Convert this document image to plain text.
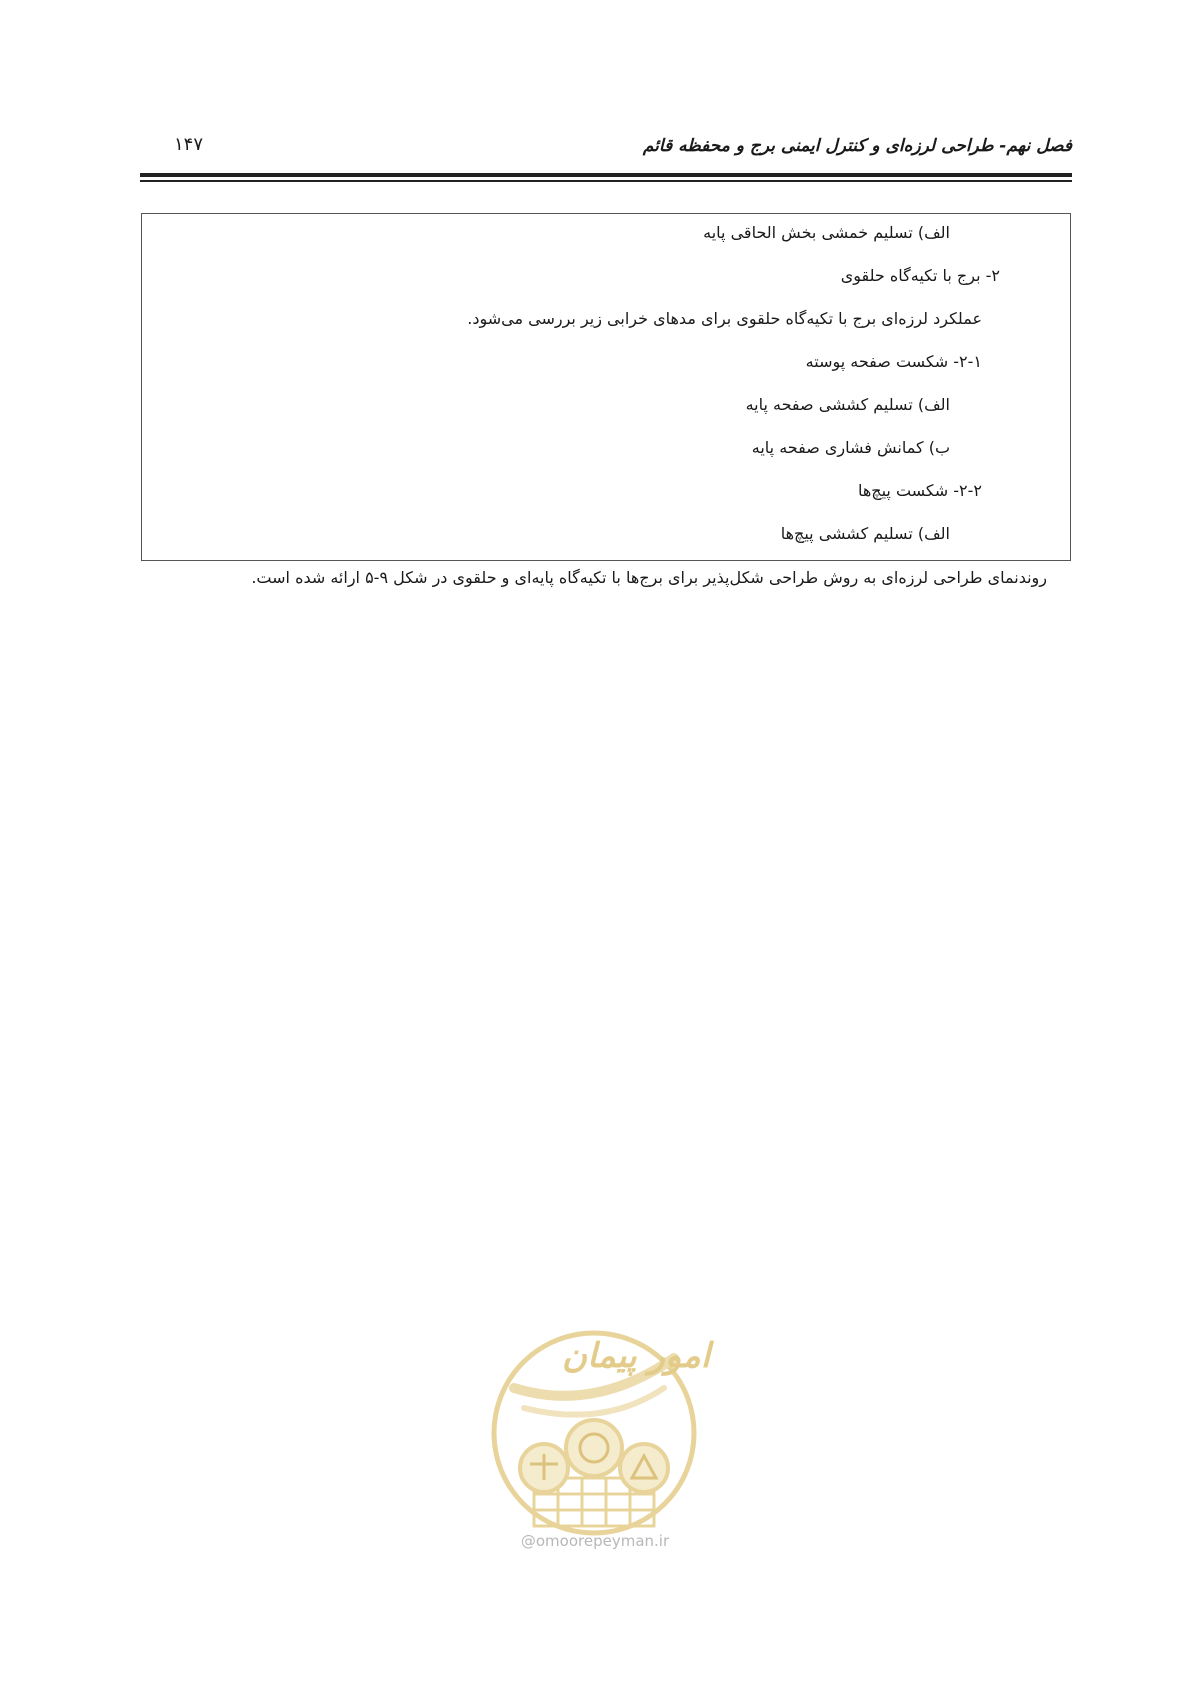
فصل نهم- طراحی لرزه‌ای و کنترل ایمنی برج و محفظه قائم
۱۴۷
الف) تسلیم خمشی بخش الحاقی پایه
۲- برج با تکیه‌گاه حلقوی
عملکرد لرزه‌ای برج با تکیه‌گاه حلقوی برای مدهای خرابی زیر بررسی می‌شود.
۲-۱- شکست صفحه پوسته
الف) تسلیم کششی صفحه پایه
ب) کمانش فشاری صفحه پایه
۲-۲- شکست پیچ‌ها
الف) تسلیم کششی پیچ‌ها
روندنمای طراحی لرزه‌ای به روش طراحی شکل‌پذیر برای برج‌ها با تکیه‌گاه پایه‌ای و حلقوی در شکل ۹-۵ ارائه شده است.
امور پیمان
@omoorepeyman.ir
